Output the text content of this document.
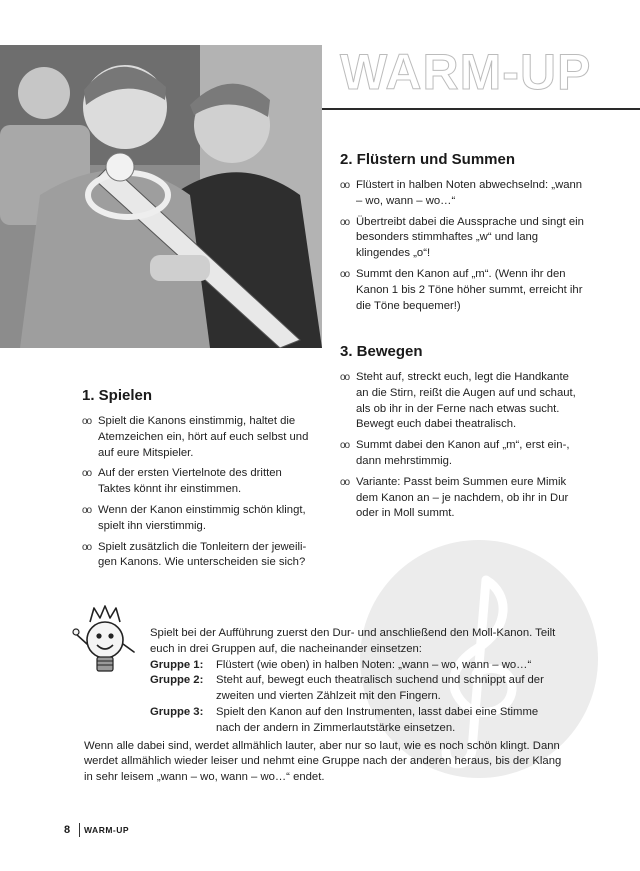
WARM-UP
1. Spielen
oo Spielt die Kanons einstimmig, haltet die Atemzeichen ein, hört auf euch selbst und auf eure Mitspieler.
oo Auf der ersten Viertelnote des dritten Taktes könnt ihr einstimmen.
oo Wenn der Kanon einstimmig schön klingt, spielt ihn vierstimmig.
oo Spielt zusätzlich die Tonleitern der jeweili-gen Kanons. Wie unterscheiden sie sich?
2. Flüstern und Summen
oo Flüstert in halben Noten abwechselnd: „wann – wo, wann – wo…“
oo Übertreibt dabei die Aussprache und singt ein besonders stimmhaftes „w“ und lang klingendes „o“!
oo Summt den Kanon auf „m“. (Wenn ihr den Kanon 1 bis 2 Töne höher summt, erreicht ihr die Töne bequemer!)
3. Bewegen
oo Steht auf, streckt euch, legt die Handkante an die Stirn, reißt die Augen auf und schaut, als ob ihr in der Ferne nach etwas sucht. Bewegt euch dabei theatralisch.
oo Summt dabei den Kanon auf „m“, erst ein-, dann mehrstimmig.
oo Variante: Passt beim Summen eure Mimik dem Kanon an – je nachdem, ob ihr in Dur oder in Moll summt.

Spielt bei der Aufführung zuerst den Dur- und anschließend den Moll-Kanon. Teilt euch in drei Gruppen auf, die nacheinander einsetzen:

Gruppe 1:	Flüstert (wie oben) in halben Noten: „wann – wo, wann – wo…“
Gruppe 2:	Steht auf, bewegt euch theatralisch suchend und schnippt auf der zweiten und vierten Zählzeit mit den Fingern.
Gruppe 3:	Spielt den Kanon auf den Instrumenten, lasst dabei eine Stimme nach der andern in Zimmerlautstärke einsetzen.

Wenn alle dabei sind, werdet allmählich lauter, aber nur so laut, wie es noch schön klingt. Dann werdet allmählich wieder leiser und nehmt eine Gruppe nach der anderen heraus, bis der Klang in sehr leisem „wann – wo, wann – wo…“ endet.

8 WARM-UP
